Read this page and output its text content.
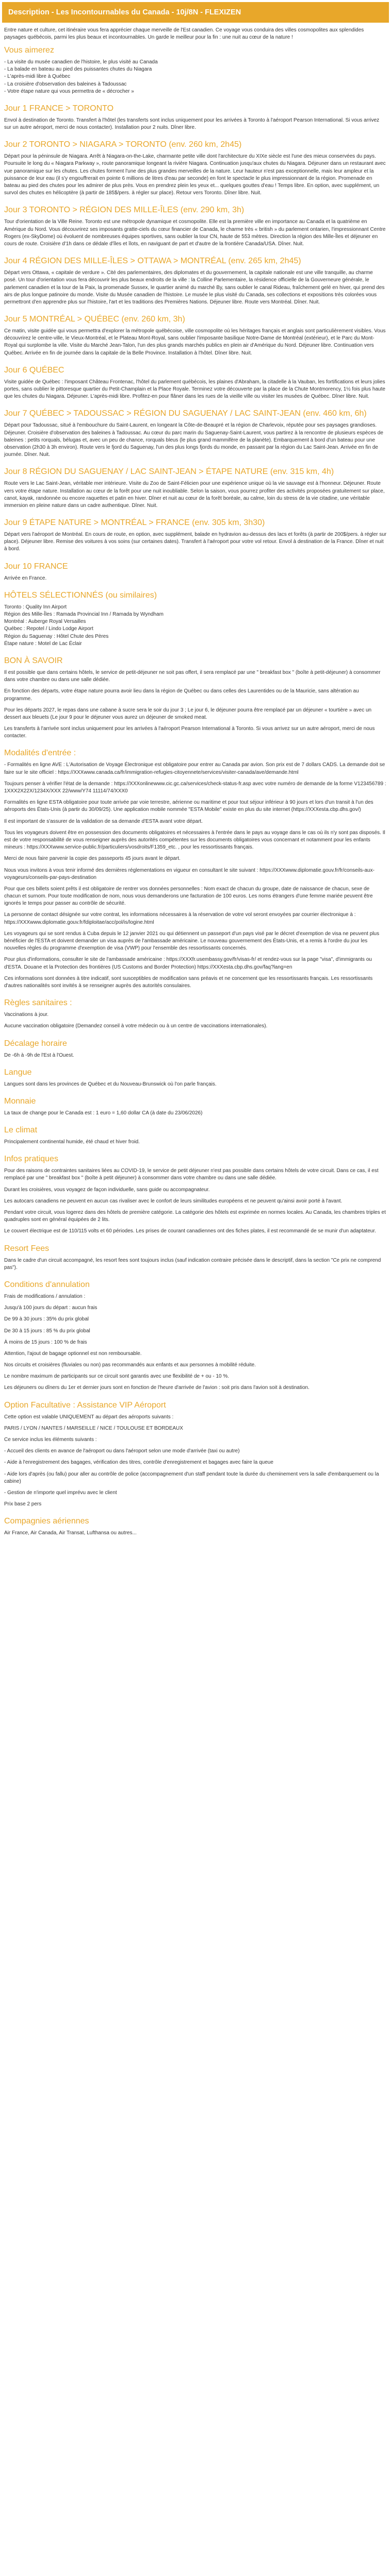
Description - Les Incontournables du Canada - 10j/8N - FLEXIZEN

Entre nature et culture, cet itinéraire vous fera apprécier chaque merveille de l'Est canadien. Ce voyage vous conduira des villes cosmopolites aux splendides paysages québécois, parmi les plus beaux et incontournables. Un garde le meilleur pour la fin : une nuit au cœur de la nature !

Vous aimerez
- La visite du musée canadien de l'histoire, le plus visité au Canada
- La balade en bateau au pied des puissantes chutes du Niagara
- L'après-midi libre à Québec
- La croisière d'observation des baleines à Tadoussac
- Votre étape nature qui vous permettra de « décrocher »
Jour 1 FRANCE > TORONTO

Envol à destination de Toronto. Transfert à l'hôtel (les transferts sont inclus uniquement pour les arrivées à Toronto à l'aéroport Pearson International. Si vous arrivez sur un autre aéroport, merci de nous contacter). Installation pour 2 nuits. Dîner libre.

Jour 2 TORONTO > NIAGARA > TORONTO (env. 260 km, 2h45)

Départ pour la péninsule de Niagara. Arrêt à Niagara-on-the-Lake, charmante petite ville dont l'architecture du XIXe siècle est l'une des mieux conservées du pays. Poursuite le long du « Niagara Parkway », route panoramique longeant la rivière Niagara. Continuation jusqu'aux chutes du Niagara. Déjeuner dans un restaurant avec vue panoramique sur les chutes. Les chutes forment l'une des plus grandes merveilles de la nature. Leur hauteur n'est pas exceptionnelle, mais leur ampleur et la puissance de leur eau (il s'y engouffrerait en pointe 6 millions de litres d'eau par seconde) en font le spectacle le plus impressionnant de la région. Promenade en bateau au pied des chutes pour les admirer de plus près. Vous en prendrez plein les yeux et... quelques gouttes d'eau ! Temps libre. En option, avec supplément, un survol des chutes en hélicoptère (à partir de 185$/pers. à régler sur place). Retour vers Toronto. Dîner libre. Nuit.

Jour 3 TORONTO > RÉGION DES MILLE-ÎLES (env. 290 km, 3h)

Tour d'orientation de la Ville Reine. Toronto est une métropole dynamique et cosmopolite. Elle est la première ville en importance au Canada et la quatrième en Amérique du Nord. Vous découvrirez ses imposants gratte-ciels du cœur financier de Canada, le charme très « british » du parlement ontarien, l'impressionnant Centre Rogers (ex-SkyDome) où évoluent de nombreuses équipes sportives, sans oublier la tour CN, haute de 553 mètres. Direction la région des Mille-Îles et déjeuner en cours de route. Croisière d'1h dans ce dédale d'îles et îlots, en naviguant de part et d'autre de la frontière Canada/USA. Dîner. Nuit.

Jour 4 RÉGION DES MILLE-ÎLES > OTTAWA > MONTRÉAL (env. 265 km, 2h45)

Départ vers Ottawa, « capitale de verdure ». Cité des parlementaires, des diplomates et du gouvernement, la capitale nationale est une ville tranquille, au charme posé. Un tour d'orientation vous fera découvrir les plus beaux endroits de la ville : la Colline Parlementaire, la résidence officielle de la Gouverneure générale, le parlement canadien et la tour de la Paix, la promenade Sussex, le quartier animé du marché By, sans oublier le canal Rideau, fraîchement gelé en hiver, qui prend des airs de plus longue patinoire du monde. Visite du Musée canadien de l'histoire. Le musée le plus visité du Canada, ses collections et expositions très colorées vous permettront d'en apprendre plus sur l'histoire, l'art et les traditions des Premières Nations. Déjeuner libre. Route vers Montréal. Dîner. Nuit.

Jour 5 MONTRÉAL > QUÉBEC (env. 260 km, 3h)

Ce matin, visite guidée qui vous permettra d'explorer la métropole québécoise, ville cosmopolite où les héritages français et anglais sont particulièrement visibles. Vous découvrirez le centre-ville, le Vieux-Montréal, et le Plateau Mont-Royal, sans oublier l'imposante basilique Notre-Dame de Montréal (extérieur), et le Parc du Mont-Royal qui surplombe la ville. Visite du Marché Jean-Talon, l'un des plus grands marchés publics en plein air d'Amérique du Nord. Déjeuner libre. Continuation vers Québec. Arrivée en fin de journée dans la capitale de la Belle Province. Installation à l'hôtel. Dîner libre. Nuit.

Jour 6 QUÉBEC

Visite guidée de Québec : l'imposant Château Frontenac, l'hôtel du parlement québécois, les plaines d'Abraham, la citadelle à la Vauban, les fortifications et leurs jolies portes, sans oublier le pittoresque quartier du Petit-Champlain et la Place Royale. Terminez votre découverte par la place de la Chute Montmorency, 1½ fois plus haute que les chutes du Niagara. Déjeuner. L'après-midi libre. Profitez-en pour flâner dans les rues de la vieille ville ou visiter les musées de Québec. Dîner libre. Nuit.

Jour 7 QUÉBEC > TADOUSSAC > RÉGION DU SAGUENAY / LAC SAINT-JEAN (env. 460 km, 6h)

Départ pour Tadoussac, situé à l'embouchure du Saint-Laurent, en longeant la Côte-de-Beaupré et la région de Charlevoix, réputée pour ses paysages grandioses. Déjeuner. Croisière d'observation des baleines à Tadoussac. Au cœur du parc marin du Saguenay-Saint-Laurent, vous partirez à la rencontre de plusieurs espèces de baleines : petits rorquals, bélugas et, avec un peu de chance, rorquals bleus (le plus grand mammifère de la planète). Embarquement à bord d'un bateau pour une observation (2h30 à 3h environ). Route vers le fjord du Saguenay, l'un des plus longs fjords du monde, en passant par la région du Lac Saint-Jean. Arrivée en fin de journée. Dîner. Nuit.

Jour 8 RÉGION DU SAGUENAY / LAC SAINT-JEAN > ÉTAPE NATURE (env. 315 km, 4h)

Route vers le Lac Saint-Jean, véritable mer intérieure. Visite du Zoo de Saint-Félicien pour une expérience unique où la vie sauvage est à l'honneur. Déjeuner. Route vers votre étape nature. Installation au cœur de la forêt pour une nuit inoubliable. Selon la saison, vous pourrez profiter des activités proposées gratuitement sur place, canot, kayak, randonnée ou encore raquettes et patin en hiver. Dîner et nuit au cœur de la forêt boréale, au calme, loin du stress de la vie citadine, une véritable immersion en pleine nature dans un cadre authentique. Dîner. Nuit.

Jour 9 ÉTAPE NATURE > MONTRÉAL > FRANCE (env. 305 km, 3h30)

Départ vers l'aéroport de Montréal. En cours de route, en option, avec supplément, balade en hydravion au-dessus des lacs et forêts (à partir de 200$/pers. à régler sur place). Déjeuner libre. Remise des voitures à vos soins (sur certaines dates). Transfert à l'aéroport pour votre vol retour. Envol à destination de la France. Dîner et nuit à bord.

Jour 10 FRANCE

Arrivée en France.

HÔTELS SÉLECTIONNÉS (ou similaires)
Toronto : Quality Inn Airport
Région des Mille-Îles : Ramada Provincial Inn / Ramada by Wyndham
Montréal : Auberge Royal Versailles
Québec : Repotel / Lindo Lodge Airport
Région du Saguenay : Hôtel Chute des Pères
Étape nature : Motel de Lac Éclair
BON À SAVOIR

Il est possible que dans certains hôtels, le service de petit-déjeuner ne soit pas offert, il sera remplacé par une " breakfast box " (boîte à petit-déjeuner) à consommer dans votre chambre ou dans une salle dédiée.

En fonction des départs, votre étape nature pourra avoir lieu dans la région de Québec ou dans celles des Laurentides ou de la Mauricie, sans altération au programme.

Pour les départs 2027, le repas dans une cabane à sucre sera le soir du jour 3 ; Le jour 6, le déjeuner pourra être remplacé par un déjeuner « tourtière » avec un dessert aux bleuets (Le jour 9 pour le déjeuner vous aurez un déjeuner de smoked meat.

Les transferts à l'arrivée sont inclus uniquement pour les arrivées à l'aéroport Pearson International à Toronto. Si vous arrivez sur un autre aéroport, merci de nous contacter.

Modalités d'entrée :

- Formalités en ligne AVE : L'Autorisation de Voyage Électronique est obligatoire pour entrer au Canada par avion. Son prix est de 7 dollars CADS. La demande doit se faire sur le site officiel : https://XXXwww.canada.ca/fr/immigration-refugies-citoyennete/services/visiter-canada/ave/demande.html

Toujours penser à vérifier l'état de la demande : https://XXXonlinewww.cic.gc.ca/services/check-status-fr.asp avec votre numéro de demande de la forme V123456789 : 1XXX2X22X/1234X/XXX 22/www/Y74 11114/74/XXX0

Formalités en ligne ESTA obligatoire pour toute arrivée par voie terrestre, aérienne ou maritime et pour tout séjour inférieur à 90 jours et lors d'un transit à l'un des aéroports des États-Unis (à partir du 30/09/25). Une application mobile nommée "ESTA Mobile" existe en plus du site internet (https://XXXesta.cbp.dhs.gov/)

Il est important de s'assurer de la validation de sa demande d'ESTA avant votre départ.

Tous les voyageurs doivent être en possession des documents obligatoires et nécessaires à l'entrée dans le pays au voyage dans le cas où ils n'y sont pas disposés. Il est de votre responsabilité de vous renseigner auprès des autorités compétentes sur les documents obligatoires vous concernant et notamment pour les enfants mineurs : https://XXXwww.service-public.fr/particuliers/vosdroits/F1359_etc. , pour les ressortissants français.

Merci de nous faire parvenir la copie des passeports 45 jours avant le départ.

Nous vous invitons à vous tenir informé des dernières réglementations en vigueur en consultant le site suivant : https://XXXwww.diplomatie.gouv.fr/fr/conseils-aux-voyageurs/conseils-par-pays-destination

Pour que ces billets soient prêts il est obligatoire de rentrer vos données personnelles : Nom exact de chacun du groupe, date de naissance de chacun, sexe de chacun et surnom. Pour toute modification de nom, nous vous demanderons une facturation de 100 euros. Les noms étrangers d'une femme mariée peuvent être ignorés le temps pour passer au contrôle de sécurité.

La personne de contact désignée sur votre contrat, les informations nécessaires à la réservation de votre vol seront envoyées par courrier électronique à : https://XXXwww.diplomatie.gouv.fr/fdiploitae/acc/pol/is/logine.html

Les voyageurs qui se sont rendus à Cuba depuis le 12 janvier 2021 ou qui détiennent un passeport d'un pays visé par le décret d'exemption de visa ne peuvent plus bénéficier de l'ESTA et doivent demander un visa auprès de l'ambassade américaine. Le nouveau gouvernement des États-Unis, et a remis à l'ordre du jour les nouvelles règles du programme d'exemption de visa (VWP) pour l'ensemble des ressortissants concernés.

Pour plus d'informations, consulter le site de l'ambassade américaine : https://XXXfr.usembassy.gov/fr/visas-fr/ et rendez-vous sur la page "visa", d'immigrants ou d'ESTA. Douane et la Protection des frontières (US Customs and Border Protection) https://XXXesta.cbp.dhs.gov/faq?lang=en

Ces informations sont données à titre indicatif, sont susceptibles de modification sans préavis et ne concernent que les ressortissants français. Les ressortissants d'autres nationalités sont invités à se renseigner auprès des autorités consulaires.

Règles sanitaires :

Vaccinations à jour.

Aucune vaccination obligatoire (Demandez conseil à votre médecin ou à un centre de vaccinations internationales).

Décalage horaire

De -6h à -9h de l'Est à l'Ouest.

Langue

Langues sont dans les provinces de Québec et du Nouveau-Brunswick où l'on parle français.

Monnaie

La taux de change pour le Canada est : 1 euro = 1,60 dollar CA (à date du 23/06/2026)

Le climat

Principalement continental humide, été chaud et hiver froid.

Infos pratiques

Pour des raisons de contraintes sanitaires liées au COVID-19, le service de petit déjeuner n'est pas possible dans certains hôtels de votre circuit. Dans ce cas, il est remplacé par une " breakfast box " (boîte à petit déjeuner) à consommer dans votre chambre ou dans une salle dédiée.

Durant les croisières, vous voyagez de façon individuelle, sans guide ou accompagnateur.

Les autocars canadiens ne peuvent en aucun cas rivaliser avec le confort de leurs similitudes européens et ne peuvent qu'ainsi avoir porté à l'avant.

Pendant votre circuit, vous logerez dans des hôtels de première catégorie. La catégorie des hôtels est exprimée en normes locales. Au Canada, les chambres triples et quadruples sont en général équipées de 2 lits.

Le couvert électrique est de 110/115 volts et 60 périodes. Les prises de courant canadiennes ont des fiches plates, il est recommandé de se munir d'un adaptateur.

Resort Fees

Dans le cadre d'un circuit accompagné, les resort fees sont toujours inclus (sauf indication contraire précisée dans le descriptif, dans la section "Ce prix ne comprend pas").

Conditions d'annulation

Frais de modifications / annulation :

Jusqu'à 100 jours du départ : aucun frais

De 99 à 30 jours : 35% du prix global

De 30 à 15 jours : 85 % du prix global

À moins de 15 jours : 100 % de frais

Attention, l'ajout de bagage optionnel est non remboursable.

Nos circuits et croisières (fluviales ou non) pas recommandés aux enfants et aux personnes à mobilité réduite.

Le nombre maximum de participants sur ce circuit sont garantis avec une flexibilité de + ou - 10 %.

Les déjeuners ou dîners du 1er et dernier jours sont en fonction de l'heure d'arrivée de l'avion : soit pris dans l'avion soit à destination.

Option Facultative : Assistance VIP Aéroport

Cette option est valable UNIQUEMENT au départ des aéroports suivants :

PARIS / LYON / NANTES / MARSEILLE / NICE / TOULOUSE ET BORDEAUX

Ce service inclus les éléments suivants :

- Accueil des clients en avance de l'aéroport ou dans l'aéroport selon une mode d'arrivée (taxi ou autre)

- Aide à l'enregistrement des bagages, vérification des titres, contrôle d'enregistrement et bagages avec faire la queue

- Aide lors d'après (ou fallu) pour aller au contrôle de police (accompagnement d'un staff pendant toute la durée du cheminement vers la salle d'embarquement ou la cabine)

- Gestion de n'importe quel imprévu avec le client

Prix base 2 pers

Compagnies aériennes

Air France, Air Canada, Air Transat, Lufthansa ou autres...
